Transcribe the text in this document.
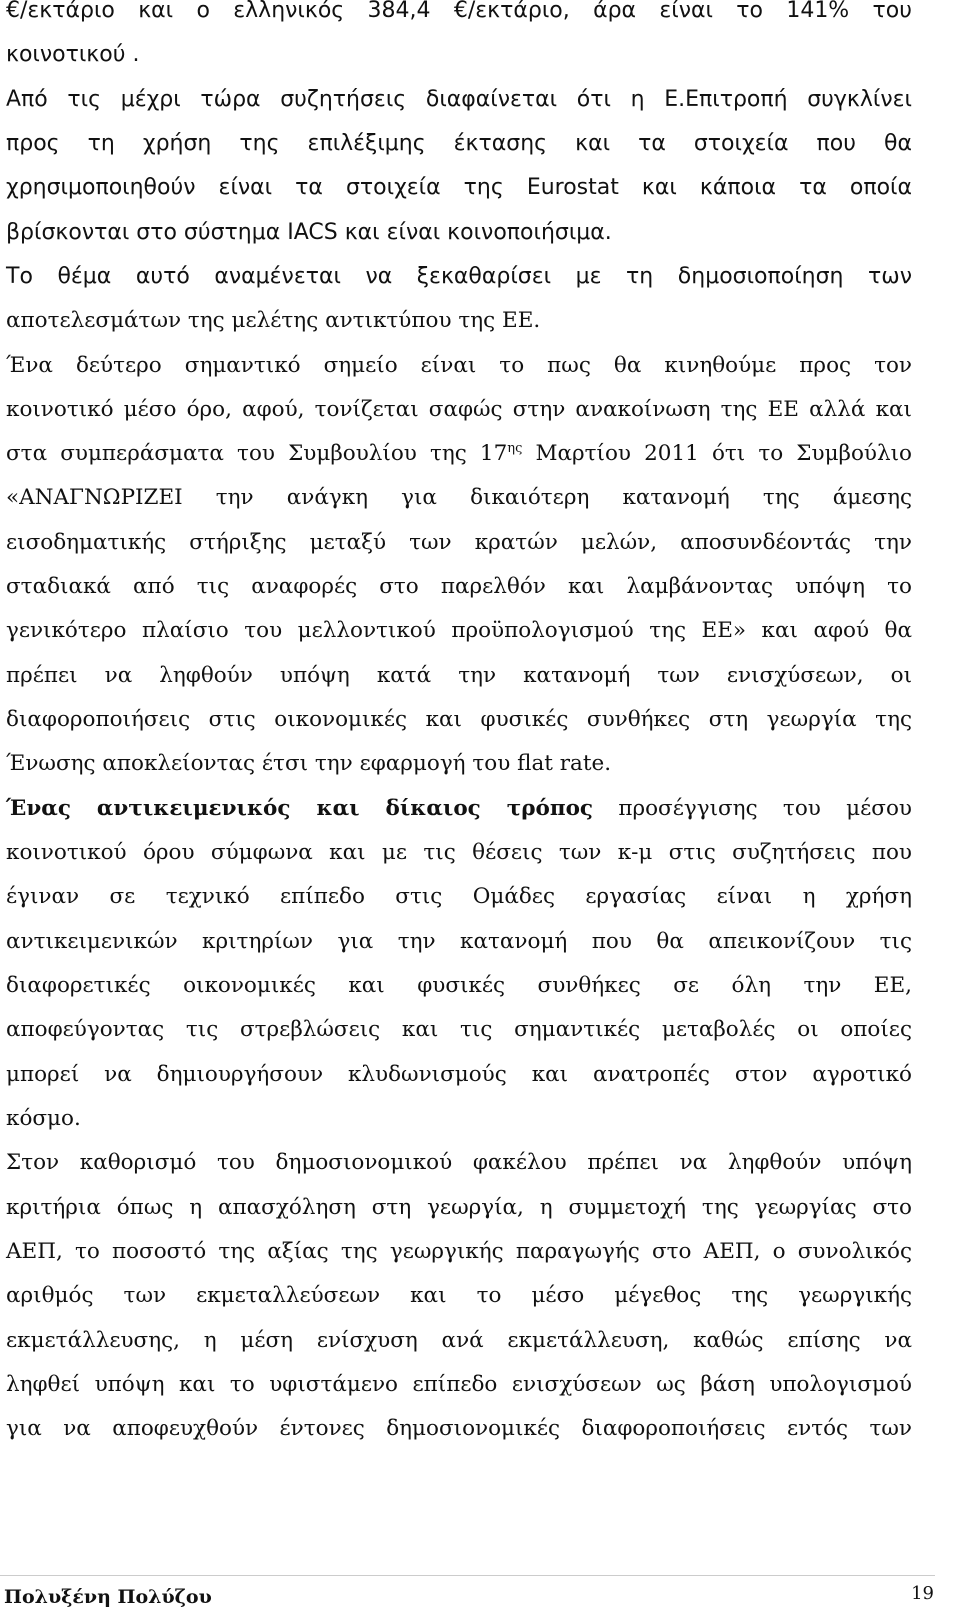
€/εκτάριο και ο ελληνικός 384,4 €/εκτάριο, άρα είναι το 141% του
κοινοτικού .
Από τις μέχρι τώρα συζητήσεις διαφαίνεται ότι η Ε.Επιτροπή συγκλίνει
προς τη χρήση της επιλέξιμης έκτασης και τα στοιχεία που θα
χρησιμοποιηθούν είναι τα στοιχεία της Eurostat και κάποια τα οποία
βρίσκονται στο σύστημα IACS και είναι κοινοποιήσιμα.
Το θέμα αυτό αναμένεται να ξεκαθαρίσει με τη δημοσιοποίηση των
αποτελεσμάτων της μελέτης αντικτύπου της ΕΕ.
Ένα δεύτερο σημαντικό σημείο είναι το πως θα κινηθούμε προς τον
κοινοτικό μέσο όρο, αφού, τονίζεται σαφώς στην ανακοίνωση της ΕΕ αλλά και
στα συμπεράσματα του Συμβουλίου της $17^{\eta\varsigma}$ Μαρτίου 2011 ότι το Συμβούλιο
«ΑΝΑΓΝΩΡΙΖΕΙ την ανάγκη για δικαιότερη κατανομή της άμεσης
εισοδηματικής στήριξης μεταξύ των κρατών μελών, αποσυνδέοντάς την
σταδιακά από τις αναφορές στο παρελθόν και λαμβάνοντας υπόψη το
γενικότερο πλαίσιο του μελλοντικού προϋπολογισμού της ΕΕ» και αφού θα
πρέπει να ληφθούν υπόψη κατά την κατανομή των ενισχύσεων, οι
διαφοροποιήσεις στις οικονομικές και φυσικές συνθήκες στη γεωργία της
Ένωσης αποκλείοντας έτσι την εφαρμογή του flat rate.
Ένας αντικειμενικός και δίκαιος τρόπος προσέγγισης του μέσου
κοινοτικού όρου σύμφωνα και με τις θέσεις των κ-μ στις συζητήσεις που
έγιναν σε τεχνικό επίπεδο στις Ομάδες εργασίας είναι η χρήση
αντικειμενικών κριτηρίων για την κατανομή που θα απεικονίζουν τις
διαφορετικές οικονομικές και φυσικές συνθήκες σε όλη την ΕΕ,
αποφεύγοντας τις στρεβλώσεις και τις σημαντικές μεταβολές οι οποίες
μπορεί να δημιουργήσουν κλυδωνισμούς και ανατροπές στον αγροτικό
κόσμο.
Στον καθορισμό του δημοσιονομικού φακέλου πρέπει να ληφθούν υπόψη
κριτήρια όπως η απασχόληση στη γεωργία, η συμμετοχή της γεωργίας στο
ΑΕΠ, το ποσοστό της αξίας της γεωργικής παραγωγής στο ΑΕΠ, ο συνολικός
αριθμός των εκμεταλλεύσεων και το μέσο μέγεθος της γεωργικής
εκμετάλλευσης, η μέση ενίσχυση ανά εκμετάλλευση, καθώς επίσης να
ληφθεί υπόψη και το υφιστάμενο επίπεδο ενισχύσεων ως βάση υπολογισμού
για να αποφευχθούν έντονες δημοσιονομικές διαφοροποιήσεις εντός των
Πολυξένη Πολύζου	19
